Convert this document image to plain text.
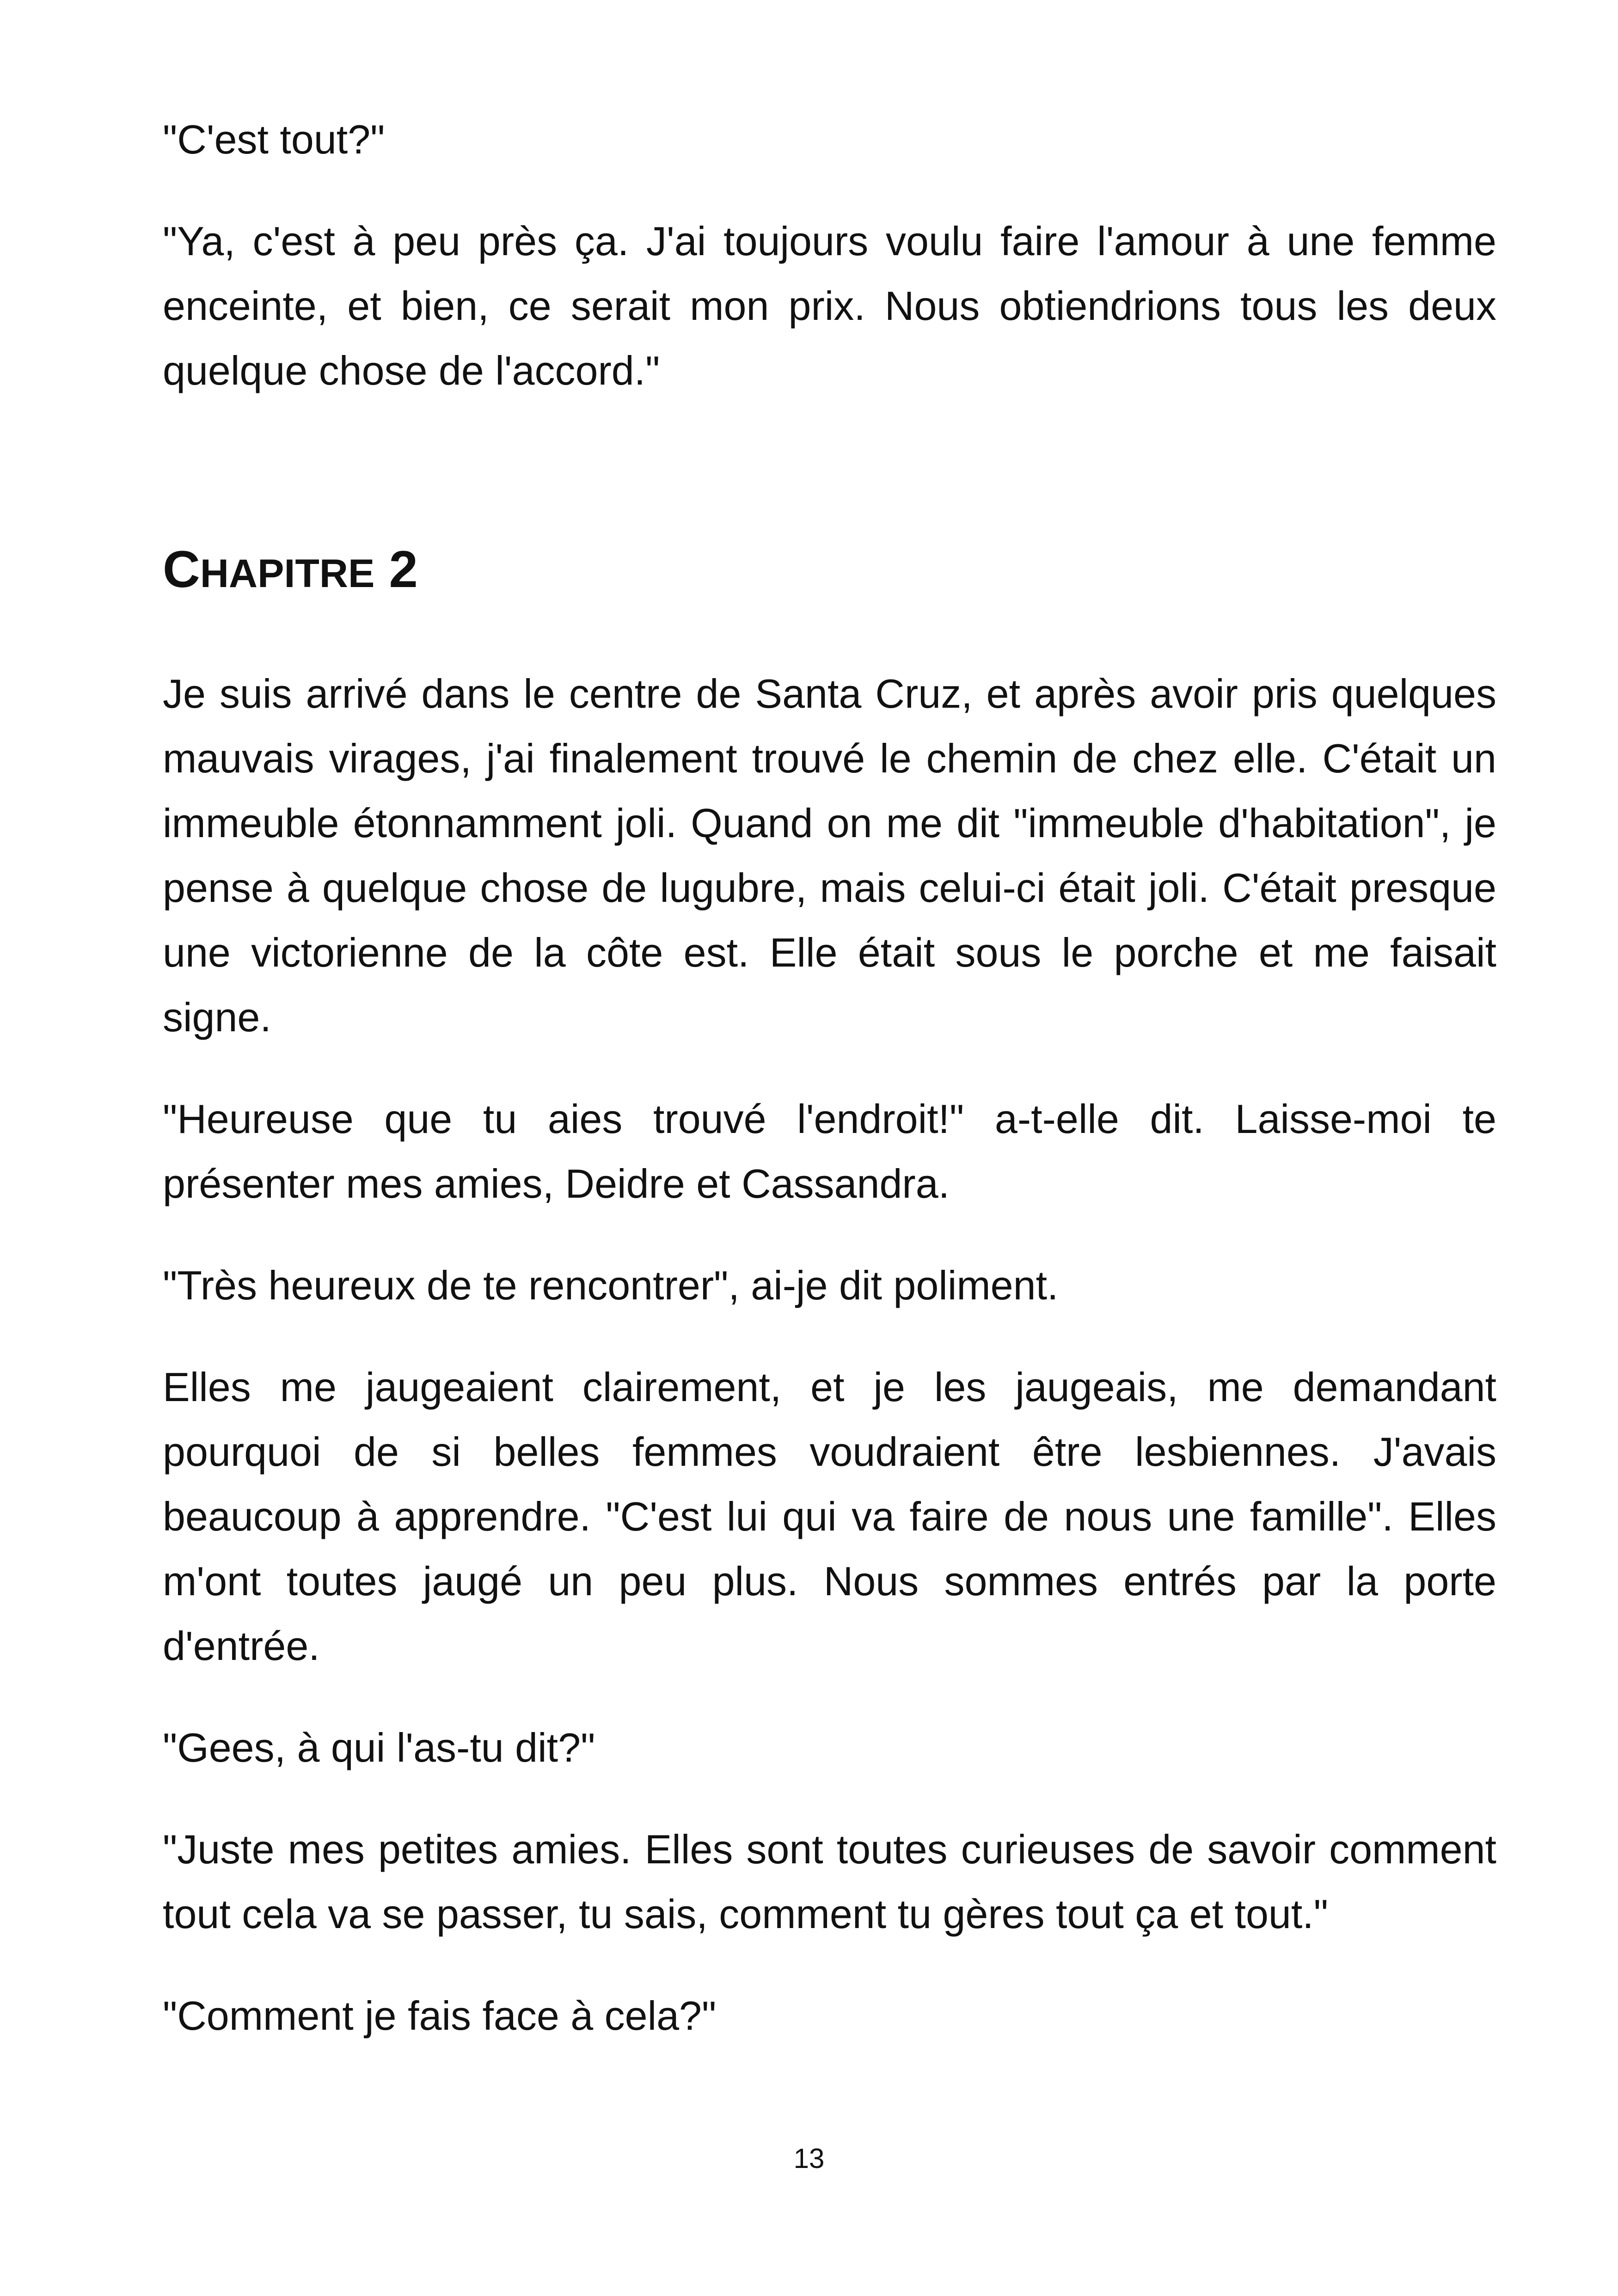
"C'est tout?"

"Ya, c'est à peu près ça. J'ai toujours voulu faire l'amour à une femme enceinte, et bien, ce serait mon prix. Nous obtiendrions tous les deux quelque chose de l'accord."

CHAPITRE 2

Je suis arrivé dans le centre de Santa Cruz, et après avoir pris quelques mauvais virages, j'ai finalement trouvé le chemin de chez elle. C'était un immeuble étonnamment joli. Quand on me dit "immeuble d'habitation", je pense à quelque chose de lugubre, mais celui-ci était joli. C'était presque une victorienne de la côte est. Elle était sous le porche et me faisait signe.

"Heureuse que tu aies trouvé l'endroit!" a-t-elle dit. Laisse-moi te présenter mes amies, Deidre et Cassandra.

"Très heureux de te rencontrer", ai-je dit poliment.

Elles me jaugeaient clairement, et je les jaugeais, me demandant pourquoi de si belles femmes voudraient être lesbiennes. J'avais beaucoup à apprendre. "C'est lui qui va faire de nous une famille". Elles m'ont toutes jaugé un peu plus. Nous sommes entrés par la porte d'entrée.

"Gees, à qui l'as-tu dit?"

"Juste mes petites amies. Elles sont toutes curieuses de savoir comment tout cela va se passer, tu sais, comment tu gères tout ça et tout."

"Comment je fais face à cela?"

13
